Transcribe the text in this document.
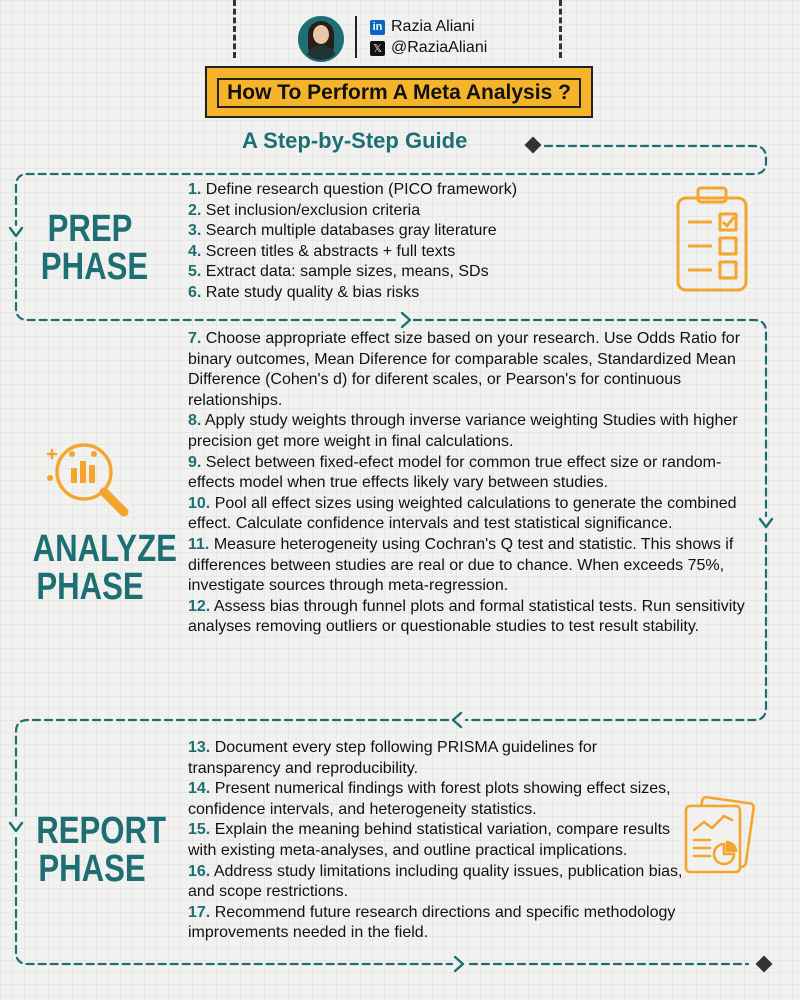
in Razia Aliani
𝕏 @RaziaAliani
How To Perform A Meta Analysis ?
A Step-by-Step Guide
PREP
PHASE
1. Define research question (PICO framework)
2. Set inclusion/exclusion criteria
3. Search multiple databases gray literature
4. Screen titles & abstracts + full texts
5. Extract data: sample sizes, means, SDs
6. Rate study quality & bias risks
ANALYZE
PHASE
7. Choose appropriate effect size based on your research. Use Odds Ratio for binary outcomes, Mean Diference for comparable scales, Standardized Mean Difference (Cohen's d) for diferent scales, or Pearson's for continuous relationships.
8. Apply study weights through inverse variance weighting Studies with higher precision get more weight in final calculations.
9. Select between fixed-efect model for common true effect size or random-effects model when true effects likely vary between studies.
10. Pool all effect sizes using weighted calculations to generate the combined effect. Calculate confidence intervals and test statistical significance.
11. Measure heterogeneity using Cochran's Q test and statistic. This shows if differences between studies are real or due to chance. When exceeds 75%, investigate sources through meta-regression.
12. Assess bias through funnel plots and formal statistical tests. Run sensitivity analyses removing outliers or questionable studies to test result stability.
REPORT
PHASE
13. Document every step following PRISMA guidelines for transparency and reproducibility.
14. Present numerical findings with forest plots showing effect sizes, confidence intervals, and heterogeneity statistics.
15. Explain the meaning behind statistical variation, compare results with existing meta-analyses, and outline practical implications.
16. Address study limitations including quality issues, publication bias, and scope restrictions.
17. Recommend future research directions and specific methodology improvements needed in the field.
